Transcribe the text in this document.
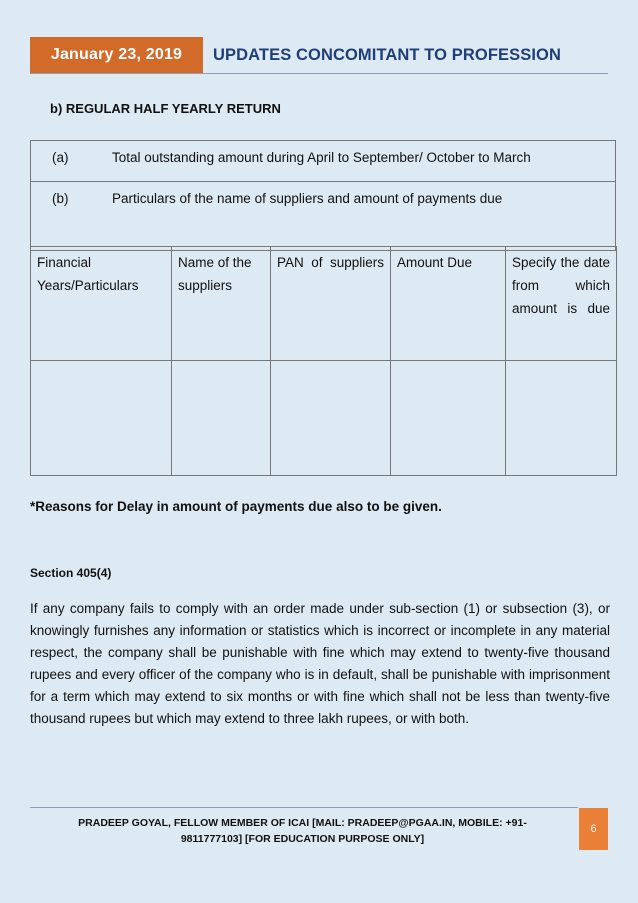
January 23, 2019	UPDATES CONCOMITANT TO PROFESSION
b) REGULAR HALF YEARLY RETURN
(a)	Total outstanding amount during April to September/ October to March
(b)	Particulars of the name of suppliers and amount of payments due
Financial Years/Particulars	Name of the suppliers	PAN of suppliers	Amount Due	Specify the date from which amount is due

*Reasons for Delay in amount of payments due also to be given.
Section 405(4)
If any company fails to comply with an order made under sub-section (1) or subsection (3), or knowingly furnishes any information or statistics which is incorrect or incomplete in any material respect, the company shall be punishable with fine which may extend to twenty-five thousand rupees and every officer of the company who is in default, shall be punishable with imprisonment for a term which may extend to six months or with fine which shall not be less than twenty-five thousand rupees but which may extend to three lakh rupees, or with both.
PRADEEP GOYAL, FELLOW MEMBER OF ICAI [MAIL: PRADEEP@PGAA.IN, MOBILE: +91-9811777103] [FOR EDUCATION PURPOSE ONLY]
6
